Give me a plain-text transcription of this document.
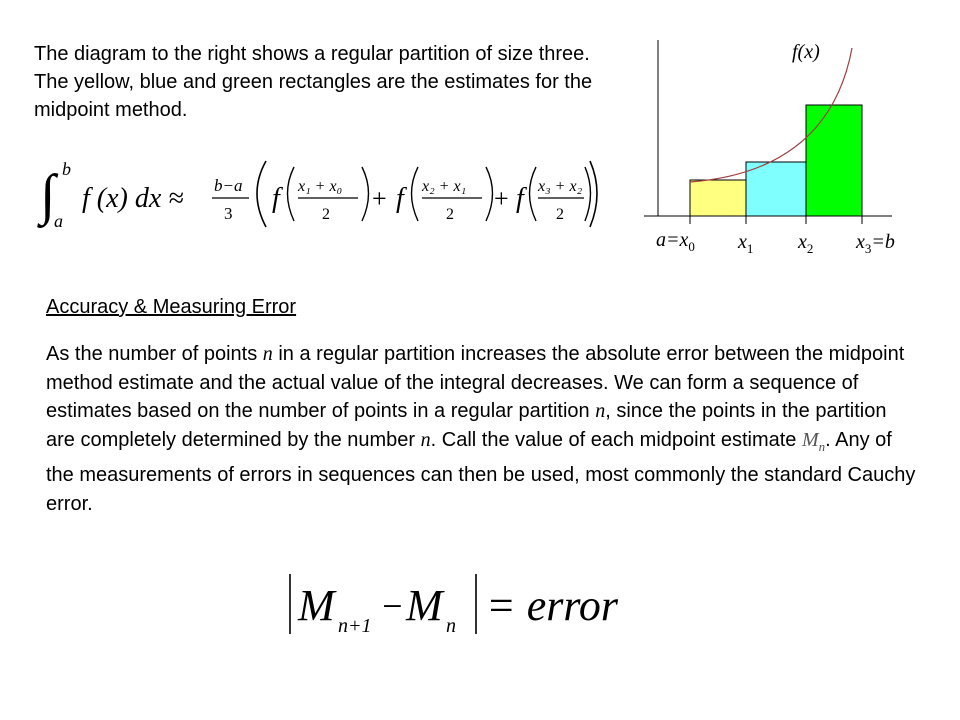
The diagram to the right shows a regular partition of size three. The yellow, blue and green rectangles are the estimates for the midpoint method.

∫ b
a
f (x) dx ≈ b−a
3 f x₁ + x₀
2
+ f x₂ + x₁
2
+ f x₃ + x₂
2
f(x)
$a=x_0$ $x_1$ $x_2$ $x_3=b$
Accuracy & Measuring Error

As the number of points n in a regular partition increases the absolute error between the midpoint method estimate and the actual value of the integral decreases. We can form a sequence of estimates based on the number of points in a regular partition n, since the points in the partition are completely determined by the number n. Call the value of each midpoint estimate $M_n$. Any of the measurements of errors in sequences can then be used, most commonly the standard Cauchy error.

M n+1 − M n = error
